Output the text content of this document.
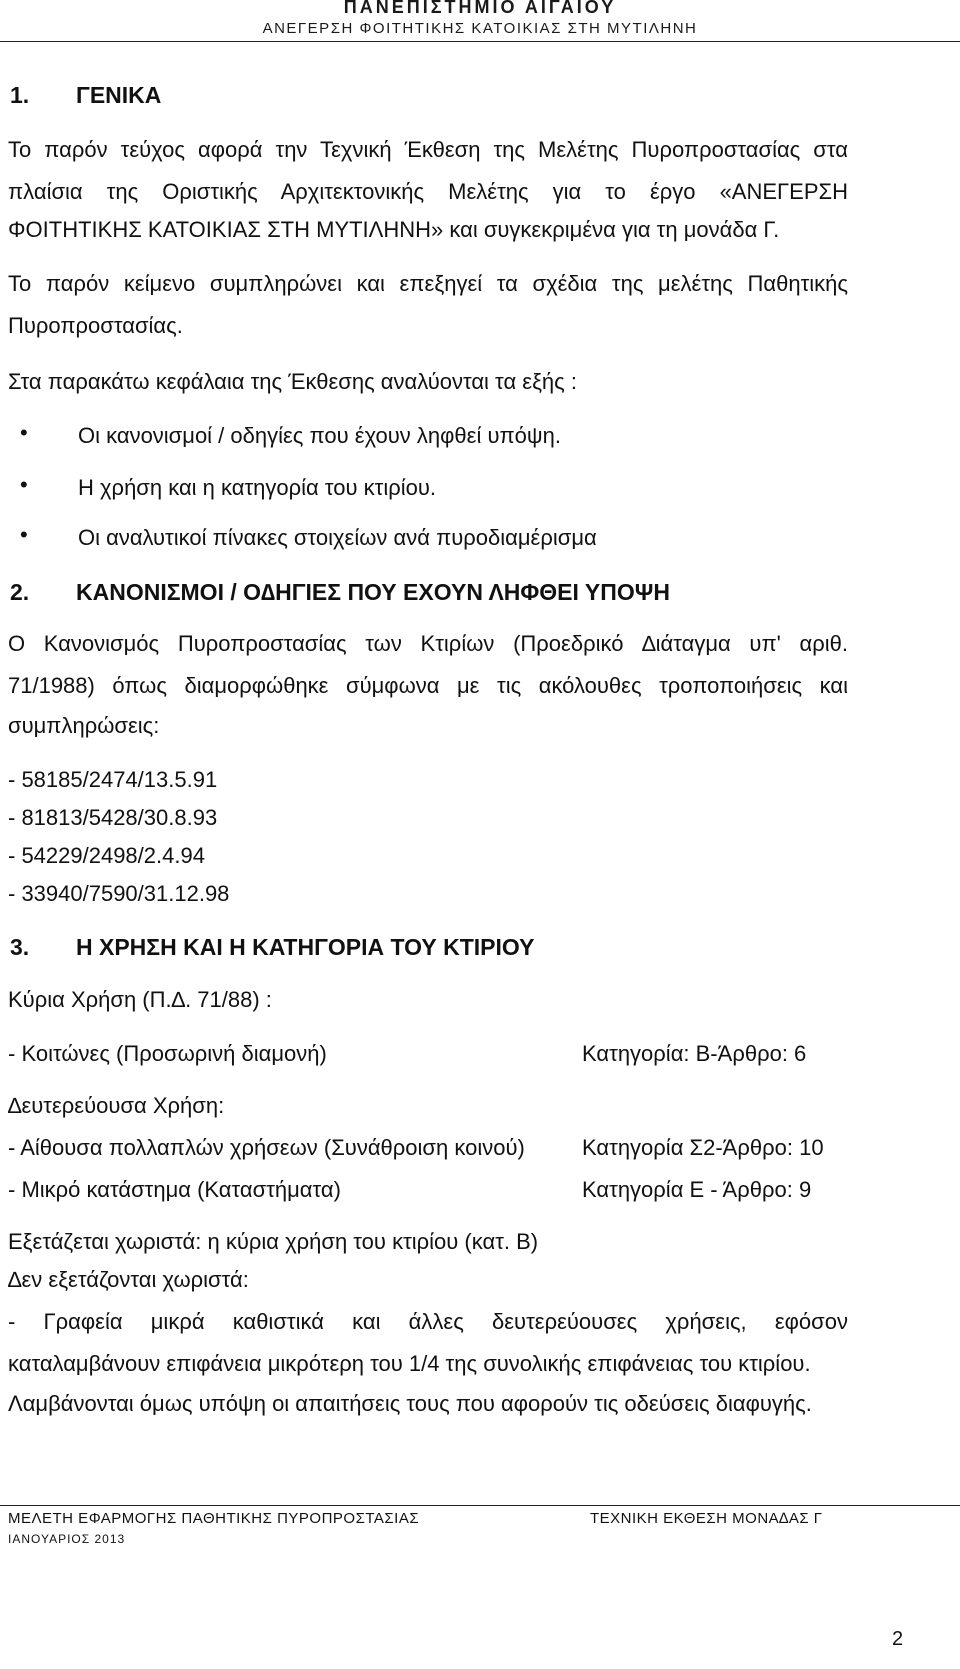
ΠΑΝΕΠΙΣΤΗΜΙΟ ΑΙΓΑΙΟΥ
ΑΝΕΓΕΡΣΗ ΦΟΙΤΗΤΙΚΗΣ ΚΑΤΟΙΚΙΑΣ ΣΤΗ ΜΥΤΙΛΗΝΗ
1. ΓΕΝΙΚΑ
Το παρόν τεύχος αφορά την Τεχνική Έκθεση της Μελέτης Πυροπροστασίας στα
πλαίσια της Οριστικής Αρχιτεκτονικής Μελέτης για το έργο «ΑΝΕΓΕΡΣΗ
ΦΟΙΤΗΤΙΚΗΣ ΚΑΤΟΙΚΙΑΣ ΣΤΗ ΜΥΤΙΛΗΝΗ» και συγκεκριμένα για τη μονάδα Γ.
Το παρόν κείμενο συμπληρώνει και επεξηγεί τα σχέδια της μελέτης Παθητικής
Πυροπροστασίας.
Στα παρακάτω κεφάλαια της Έκθεσης αναλύονται τα εξής :
• Οι κανονισμοί / οδηγίες που έχουν ληφθεί υπόψη.
• Η χρήση και η κατηγορία του κτιρίου.
• Οι αναλυτικοί πίνακες στοιχείων ανά πυροδιαμέρισμα
2. ΚΑΝΟΝΙΣΜΟΙ / Ο∆ΗΓΙΕΣ ΠΟΥ ΕΧΟΥΝ ΛΗΦΘΕΙ ΥΠΟΨΗ
Ο Κανονισμός Πυροπροστασίας των Κτιρίων (Προεδρικό ∆ιάταγμα υπ' αριθ.
71/1988) όπως διαμορφώθηκε σύμφωνα με τις ακόλουθες τροποποιήσεις και
συμπληρώσεις:
- 58185/2474/13.5.91
- 81813/5428/30.8.93
- 54229/2498/2.4.94
- 33940/7590/31.12.98
3. Η ΧΡΗΣΗ ΚΑΙ Η ΚΑΤΗΓΟΡΙΑ ΤΟΥ ΚΤΙΡΙΟΥ
Κύρια Χρήση (Π.∆. 71/88) :
- Κοιτώνες (Προσωρινή διαμονή)	Κατηγορία: Β-Άρθρο: 6
∆ευτερεύουσα Χρήση:
- Αίθουσα πολλαπλών χρήσεων (Συνάθροιση κοινού)	Κατηγορία Σ2-Άρθρο: 10
- Μικρό κατάστημα (Καταστήματα)	Κατηγορία Ε - Άρθρο: 9
Εξετάζεται χωριστά: η κύρια χρήση του κτιρίου (κατ. Β)
∆εν εξετάζονται χωριστά:
- Γραφεία μικρά καθιστικά και άλλες δευτερεύουσες χρήσεις, εφόσον
καταλαμβάνουν επιφάνεια μικρότερη του 1/4 της συνολικής επιφάνειας του κτιρίου.
Λαμβάνονται όμως υπόψη οι απαιτήσεις τους που αφορούν τις οδεύσεις διαφυγής.
ΜΕΛΕΤΗ ΕΦΑΡΜΟΓΗΣ ΠΑΘΗΤΙΚΗΣ ΠΥΡΟΠΡΟΣΤΑΣΙΑΣ
ΙΑΝΟΥΑΡΙΟΣ 2013
ΤΕΧΝΙΚΗ ΕΚΘΕΣΗ ΜΟΝΑ∆ΑΣ Γ
2
